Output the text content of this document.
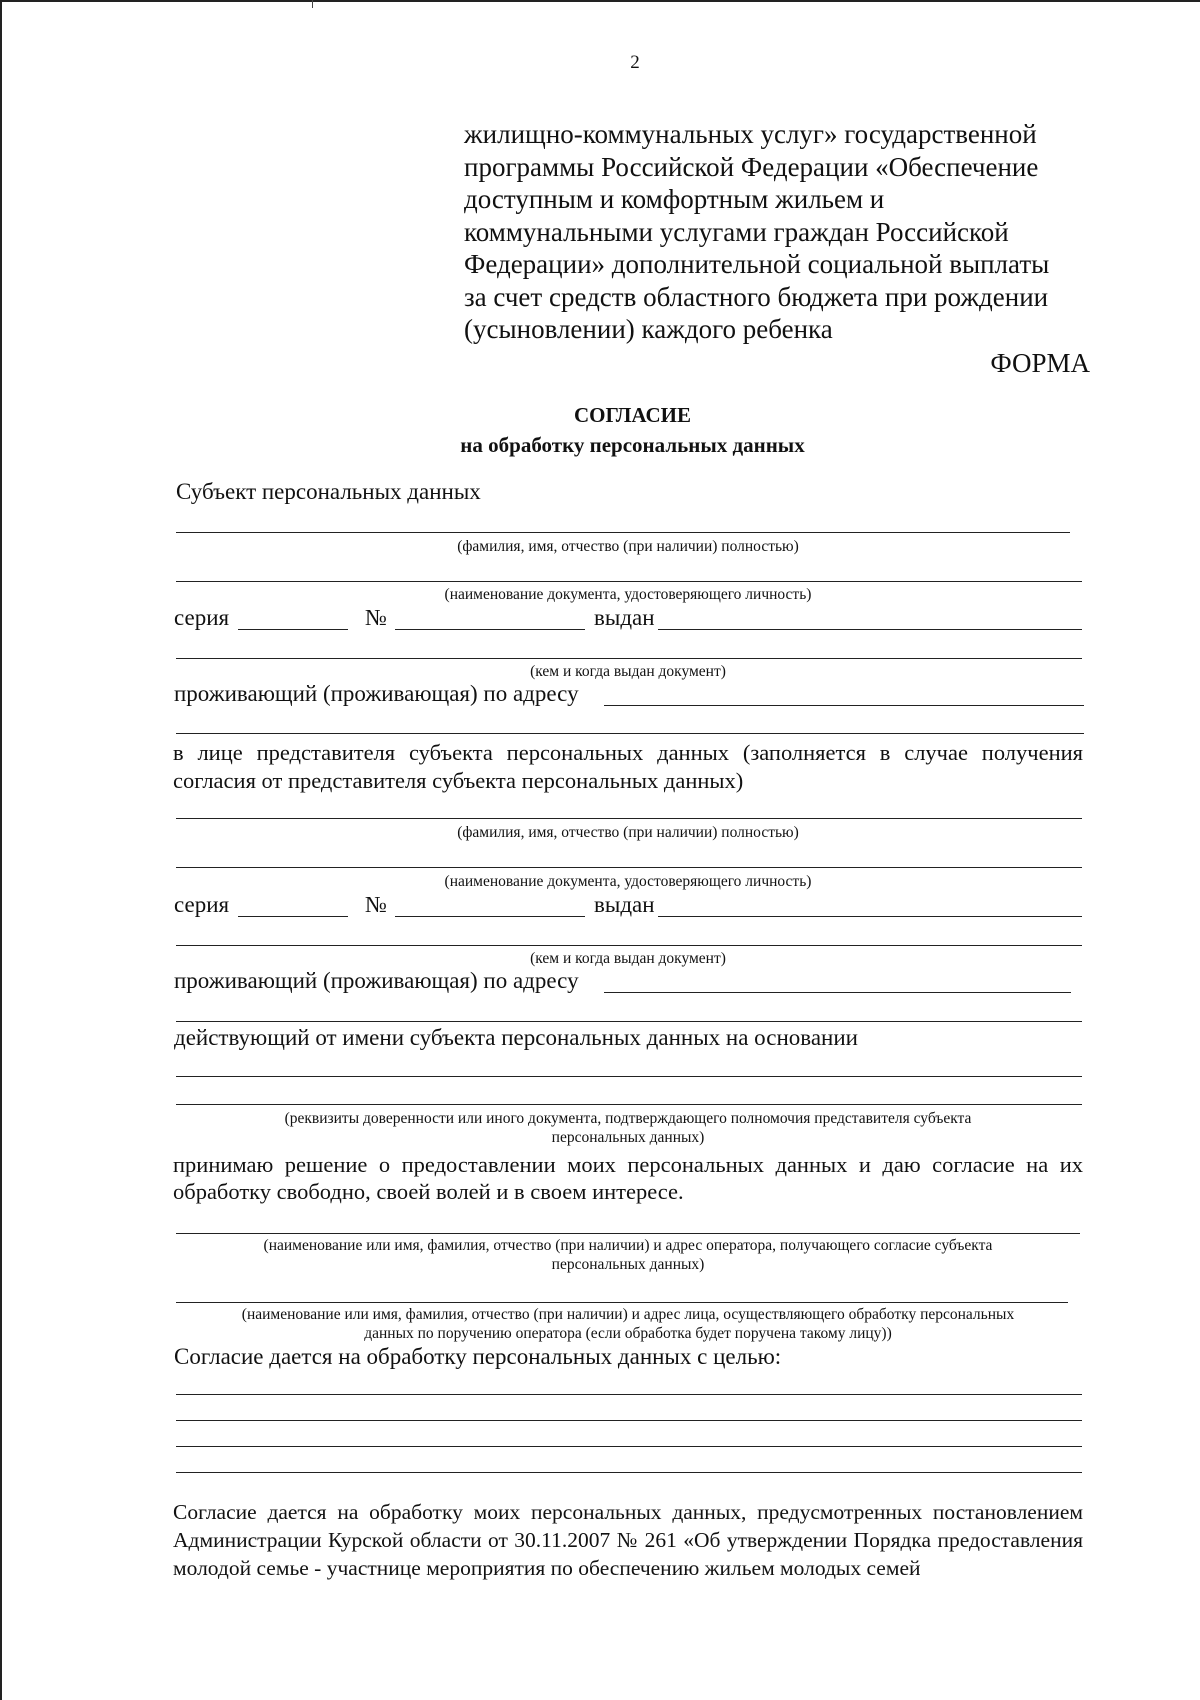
2
жилищно-коммунальных услуг» государственной
программы Российской Федерации «Обеспечение
доступным и комфортным жильем и
коммунальными услугами граждан Российской
Федерации» дополнительной социальной выплаты
за счет средств областного бюджета при рождении
(усыновлении) каждого ребенка
ФОРМА
СОГЛАСИЕ
на обработку персональных данных
Субъект персональных данных
(фамилия, имя, отчество (при наличии) полностью)
(наименование документа, удостоверяющего личность)
серия	№	выдан
(кем и когда выдан документ)
проживающий (проживающая) по адресу
в лице представителя субъекта персональных данных (заполняется в случае получения
согласия от представителя субъекта персональных данных)
(фамилия, имя, отчество (при наличии) полностью)
(наименование документа, удостоверяющего личность)
серия	№	выдан
(кем и когда выдан документ)
проживающий (проживающая) по адресу
действующий от имени субъекта персональных данных на основании
(реквизиты доверенности или иного документа, подтверждающего полномочия представителя субъекта
персональных данных)
принимаю решение о предоставлении моих персональных данных и даю согласие на их
обработку свободно, своей волей и в своем интересе.
(наименование или имя, фамилия, отчество (при наличии) и адрес оператора, получающего согласие субъекта
персональных данных)
(наименование или имя, фамилия, отчество (при наличии) и адрес лица, осуществляющего обработку персональных
данных по поручению оператора (если обработка будет поручена такому лицу))
Согласие дается на обработку персональных данных с целью:
Согласие дается на обработку моих персональных данных, предусмотренных постановлением Администрации Курской области от 30.11.2007 № 261 «Об утверждении Порядка предоставления молодой семье - участнице мероприятия по обеспечению жильем молодых семей
